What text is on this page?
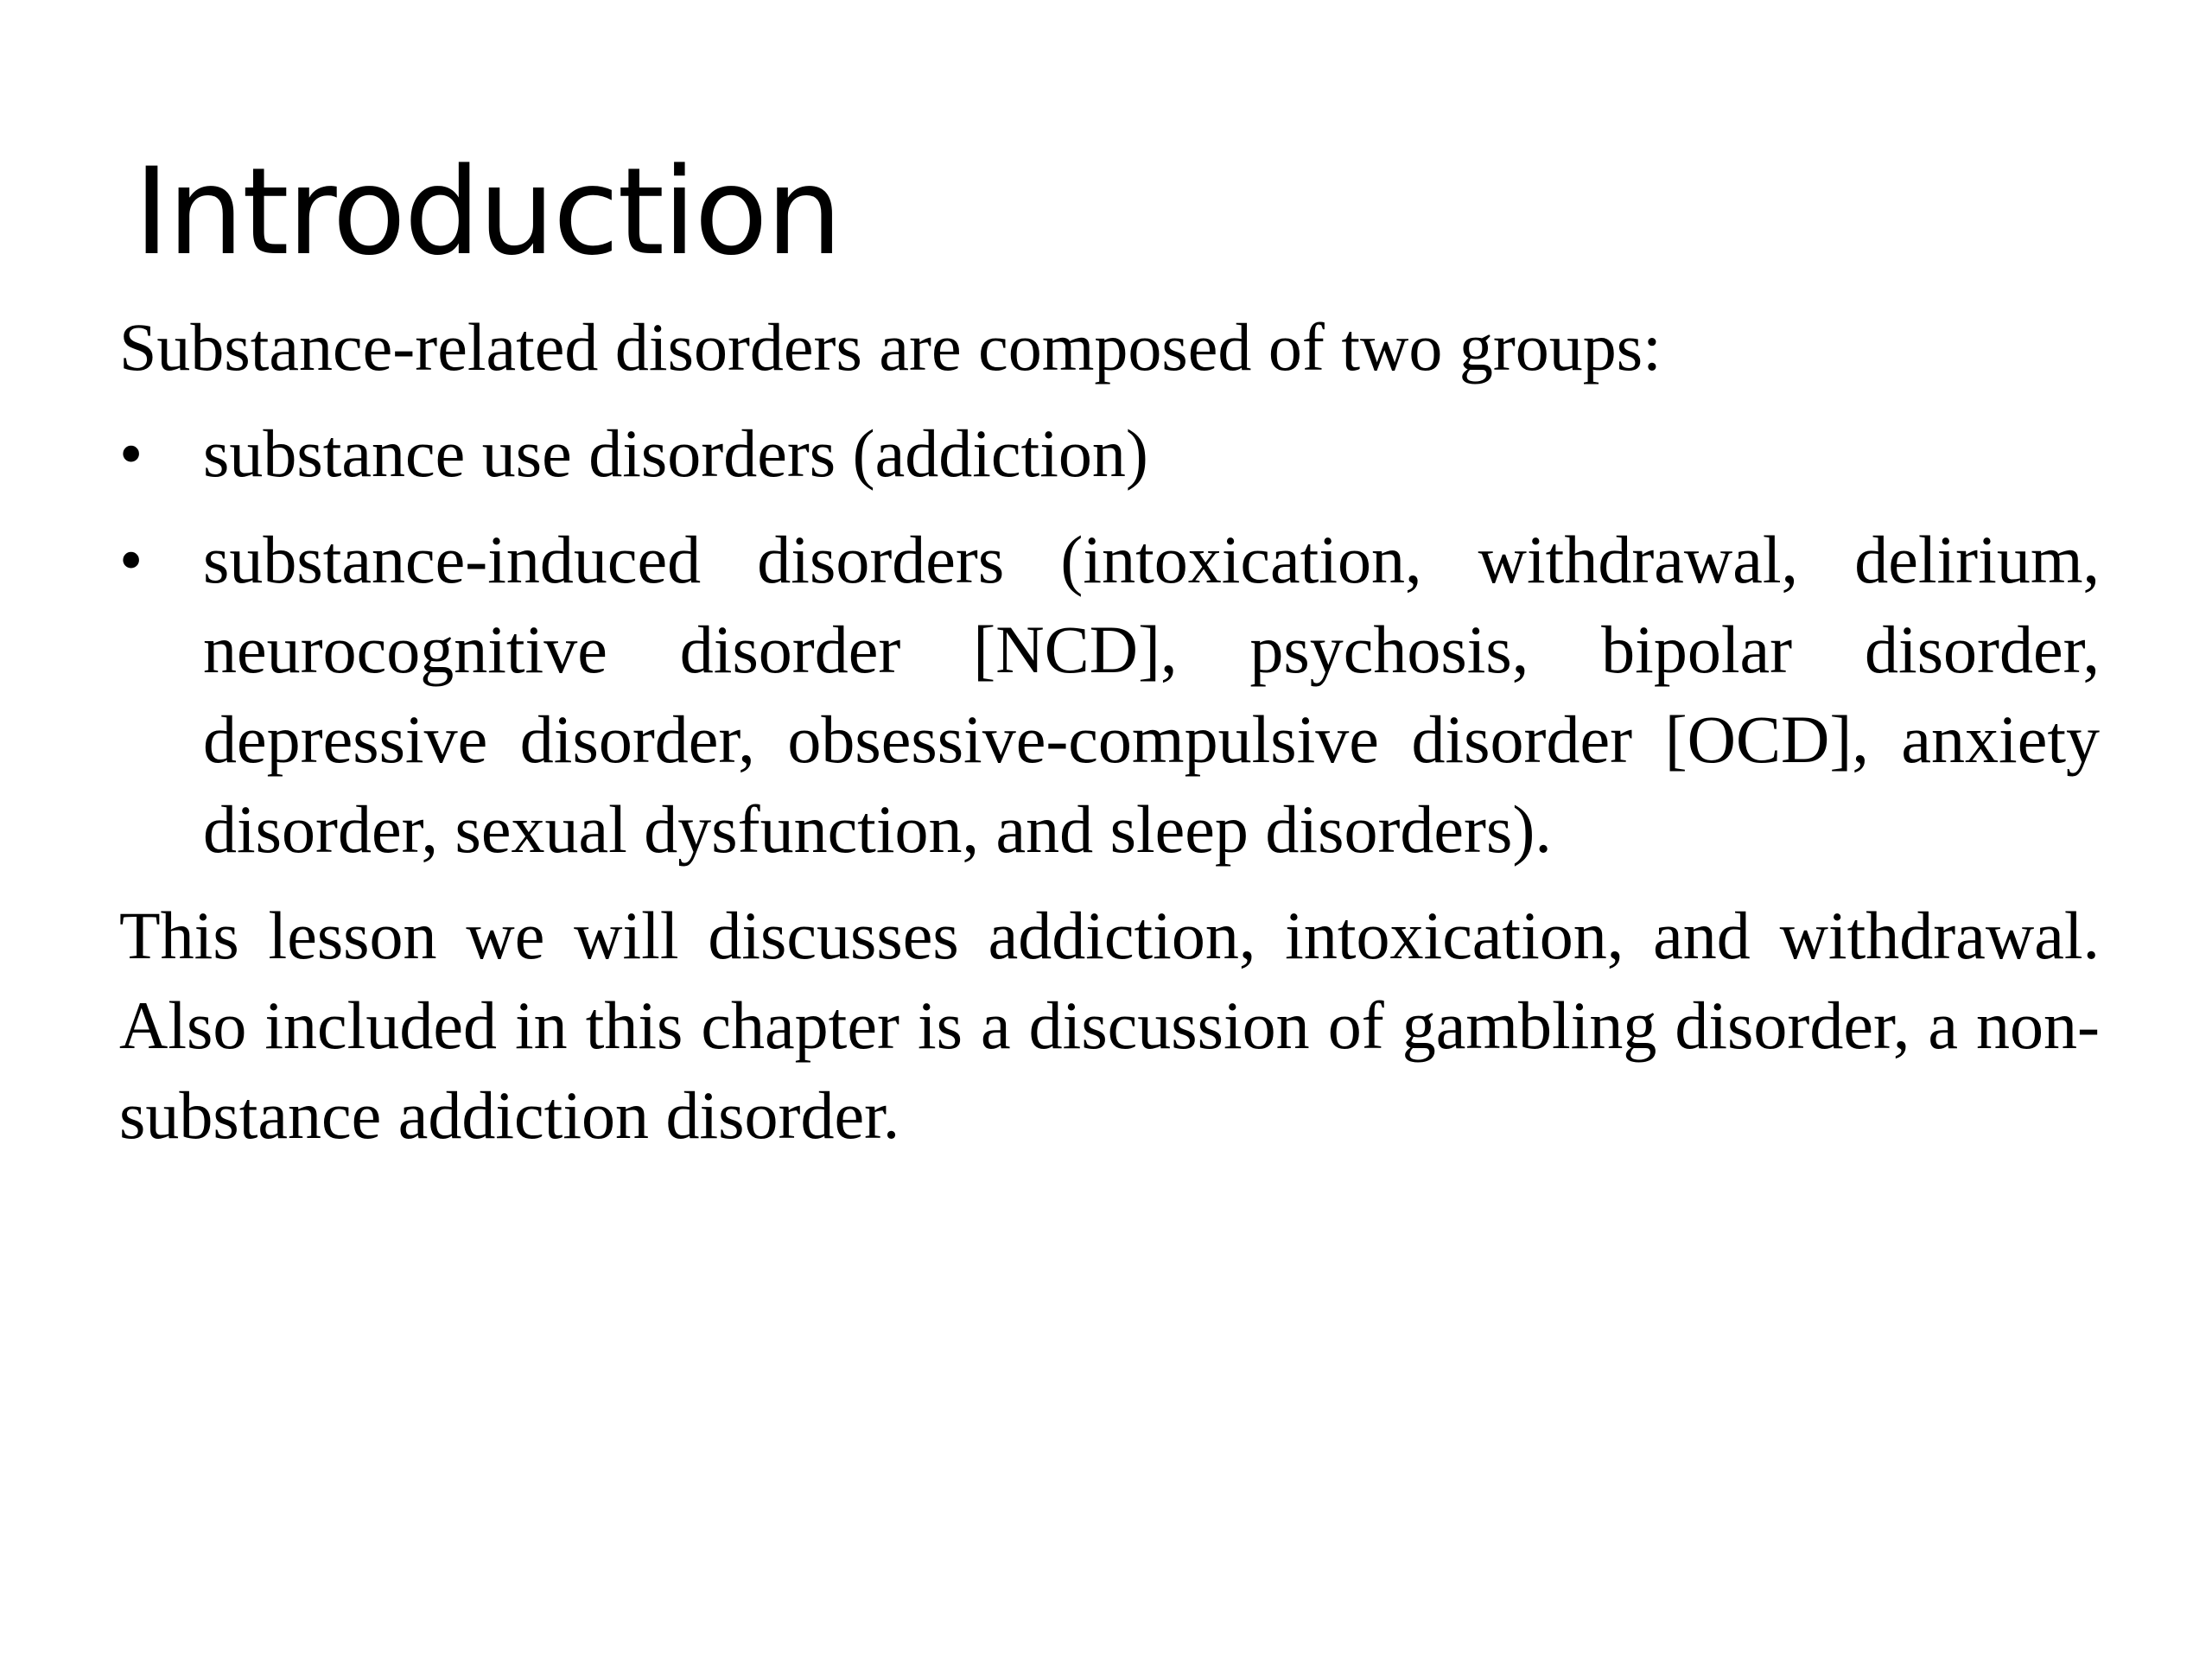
Introduction

Substance-related disorders are composed of two groups:

• substance use disorders (addiction)
• substance-induced disorders (intoxication, withdrawal, delirium, neurocognitive disorder [NCD], psychosis, bipolar disorder, depressive disorder, obsessive-compulsive disorder [OCD], anxiety disorder, sexual dysfunction, and sleep disorders).

This lesson we will discusses addiction, intoxication, and withdrawal. Also included in this chapter is a discussion of gambling disorder, a non-substance addiction disorder.
